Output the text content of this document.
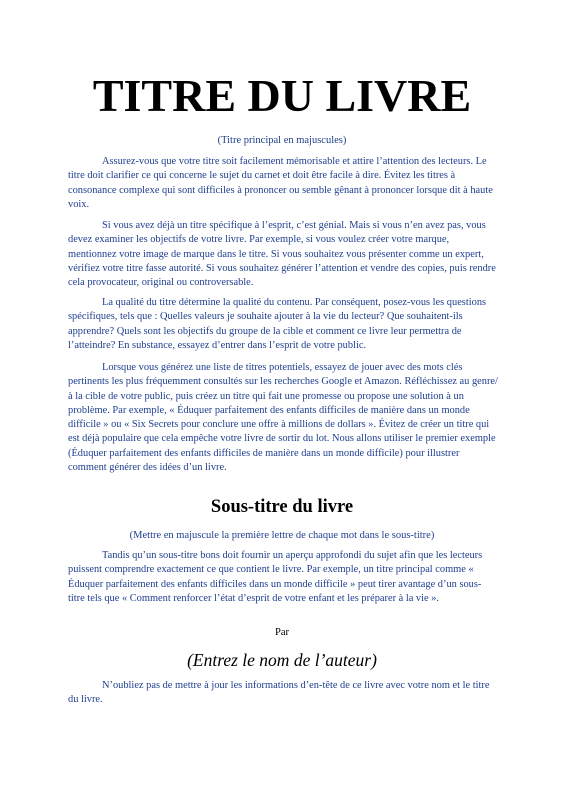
TITRE DU LIVRE
(Titre principal en majuscules)

Assurez-vous que votre titre soit facilement mémorisable et attire l’attention des lecteurs. Le titre doit clarifier ce qui concerne le sujet du carnet et doit être facile à dire. Évitez les titres à consonance complexe qui sont difficiles à prononcer ou semble gênant à prononcer lorsque dit à haute voix.

Si vous avez déjà un titre spécifique à l’esprit, c’est génial. Mais si vous n’en avez pas, vous devez examiner les objectifs de votre livre. Par exemple, si vous voulez créer votre marque, mentionnez votre image de marque dans le titre. Si vous souhaitez vous présenter comme un expert, vérifiez votre titre fasse autorité. Si vous souhaitez générer l’attention et vendre des copies, puis rendre cela provocateur, original ou controversable.

La qualité du titre détermine la qualité du contenu. Par conséquent, posez-vous les questions spécifiques, tels que : Quelles valeurs je souhaite ajouter à la vie du lecteur? Que souhaitent-ils apprendre? Quels sont les objectifs du groupe de la cible et comment ce livre leur permettra de l’atteindre? En substance, essayez d’entrer dans l’esprit de votre public.

Lorsque vous générez une liste de titres potentiels, essayez de jouer avec des mots clés pertinents les plus fréquemment consultés sur les recherches Google et Amazon. Réfléchissez au genre/à la cible de votre public, puis créez un titre qui fait une promesse ou propose une solution à un problème. Par exemple, « Éduquer parfaitement des enfants difficiles de manière dans un monde difficile » ou « Six Secrets pour conclure une offre à millions de dollars ». Évitez de créer un titre qui est déjà populaire que cela empêche votre livre de sortir du lot. Nous allons utiliser le premier exemple (Éduquer parfaitement des enfants difficiles de manière dans un monde difficile) pour illustrer comment générer des idées d’un livre.

Sous-titre du livre
(Mettre en majuscule la première lettre de chaque mot dans le sous-titre)

Tandis qu’un sous-titre bons doit fournir un aperçu approfondi du sujet afin que les lecteurs puissent comprendre exactement ce que contient le livre. Par exemple, un titre principal comme « Éduquer parfaitement des enfants difficiles dans un monde difficile » peut tirer avantage d’un sous-titre tels que « Comment renforcer l’état d’esprit de votre enfant et les préparer à la vie ».

Par
(Entrez le nom de l’auteur)

N’oubliez pas de mettre à jour les informations d’en-tête de ce livre avec votre nom et le titre du livre.
